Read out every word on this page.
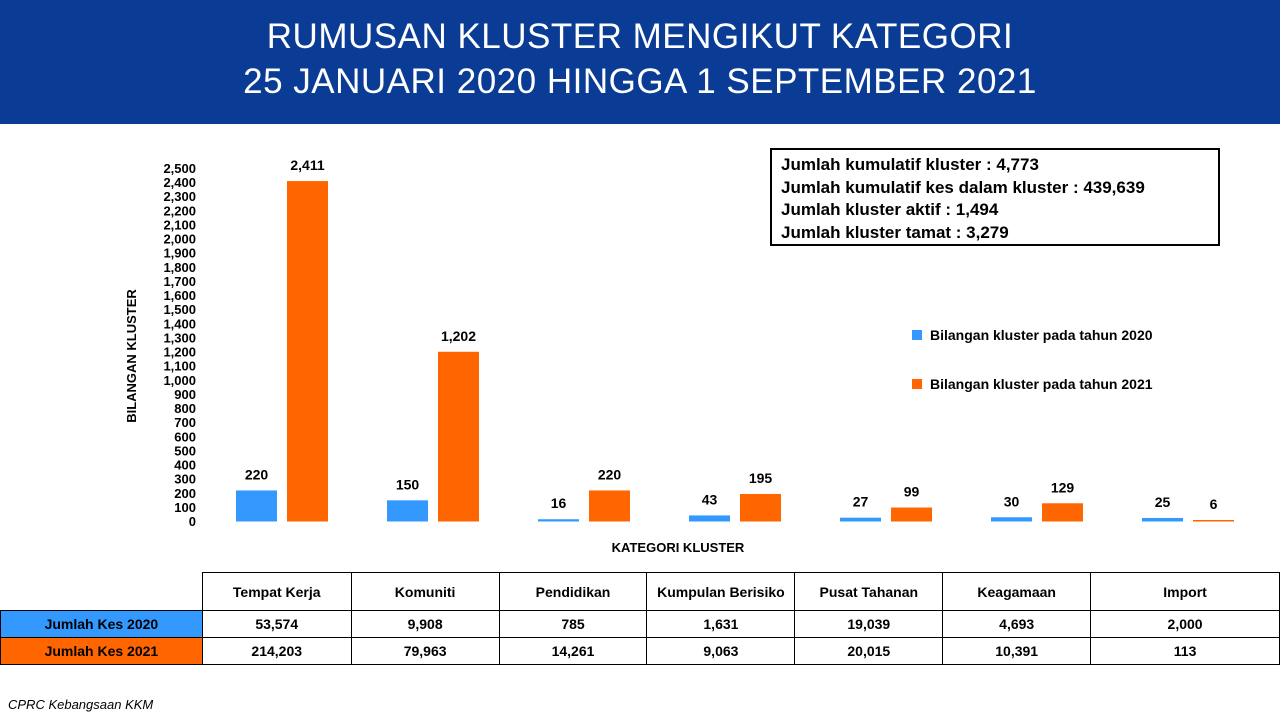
RUMUSAN KLUSTER MENGIKUT KATEGORI
25 JANUARI 2020 HINGGA 1 SEPTEMBER 2021
0
100
200
300
400
500
600
700
800
900
1,000
1,100
1,200
1,300
1,400
1,500
1,600
1,700
1,800
1,900
2,000
2,100
2,200
2,300
2,400
2,500
BILANGAN KLUSTER
KATEGORI KLUSTER
220
2,411
150
1,202
16
220
43
195
27
99
30
129
25	6
Jumlah kumulatif kluster : 4,773
Jumlah kumulatif kes dalam kluster : 439,639
Jumlah kluster aktif : 1,494
Jumlah kluster tamat : 3,279
Bilangan kluster pada tahun 2020
Bilangan kluster pada tahun 2021
	Tempat Kerja	Komuniti	Pendidikan	Kumpulan Berisiko	Pusat Tahanan	Keagamaan	Import
Jumlah Kes 2020	53,574	9,908	785	1,631	19,039	4,693	2,000
Jumlah Kes 2021	214,203	79,963	14,261	9,063	20,015	10,391	113
CPRC Kebangsaan KKM
